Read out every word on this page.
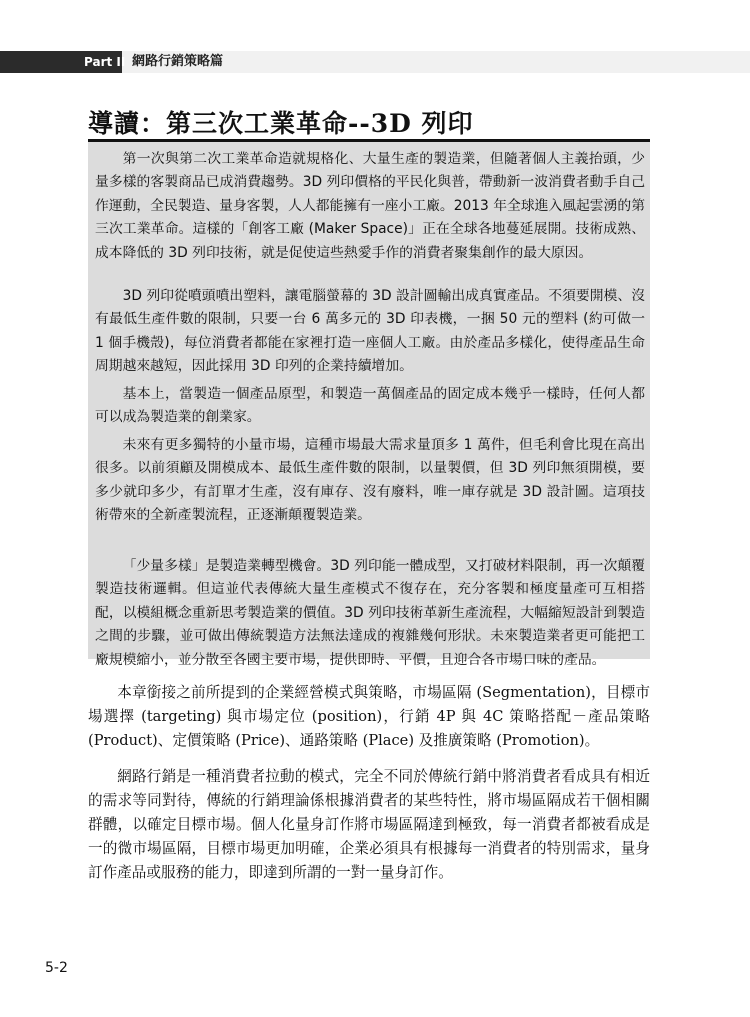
Part II 網路行銷策略篇
導讀：第三次工業革命--3D 列印

第一次與第二次工業革命造就規格化、大量生產的製造業，但隨著個人主義抬頭，少量多樣的客製商品已成消費趨勢。3D 列印價格的平民化與普，帶動新一波消費者動手自己作運動，全民製造、量身客製，人人都能擁有一座小工廠。2013 年全球進入風起雲湧的第三次工業革命。這樣的「創客工廠 (Maker Space)」正在全球各地蔓延展開。技術成熟、成本降低的 3D 列印技術，就是促使這些熱愛手作的消費者聚集創作的最大原因。

3D 列印從噴頭噴出塑料，讓電腦螢幕的 3D 設計圖輸出成真實產品。不須要開模、沒有最低生產件數的限制，只要一台 6 萬多元的 3D 印表機，一捆 50 元的塑料 (約可做一 1 個手機殼)，每位消費者都能在家裡打造一座個人工廠。由於產品多樣化，使得產品生命周期越來越短，因此採用 3D 印列的企業持續增加。

基本上，當製造一個產品原型，和製造一萬個產品的固定成本幾乎一樣時，任何人都可以成為製造業的創業家。

未來有更多獨特的小量市場，這種市場最大需求量頂多 1 萬件，但毛利會比現在高出很多。以前須顧及開模成本、最低生產件數的限制，以量製價，但 3D 列印無須開模，要多少就印多少，有訂單才生產，沒有庫存、沒有廢料，唯一庫存就是 3D 設計圖。這項技術帶來的全新產製流程，正逐漸顛覆製造業。

「少量多樣」是製造業轉型機會。3D 列印能一體成型，又打破材料限制，再一次顛覆製造技術邏輯。但這並代表傳統大量生產模式不復存在，充分客製和極度量產可互相搭配，以模組概念重新思考製造業的價值。3D 列印技術革新生產流程，大幅縮短設計到製造之間的步驟，並可做出傳統製造方法無法達成的複雜幾何形狀。未來製造業者更可能把工廠規模縮小，並分散至各國主要市場，提供即時、平價，且迎合各市場口味的產品。

本章銜接之前所提到的企業經營模式與策略，市場區隔 (Segmentation)，目標市場選擇 (targeting) 與市場定位 (position)，行銷 4P 與 4C 策略搭配－產品策略 (Product)、定價策略 (Price)、通路策略 (Place) 及推廣策略 (Promotion)。

網路行銷是一種消費者拉動的模式，完全不同於傳統行銷中將消費者看成具有相近的需求等同對待，傳統的行銷理論係根據消費者的某些特性，將市場區隔成若干個相關群體，以確定目標市場。個人化量身訂作將市場區隔達到極致，每一消費者都被看成是一的微市場區隔，目標市場更加明確，企業必須具有根據每一消費者的特別需求，量身訂作產品或服務的能力，即達到所謂的一對一量身訂作。

5-2
